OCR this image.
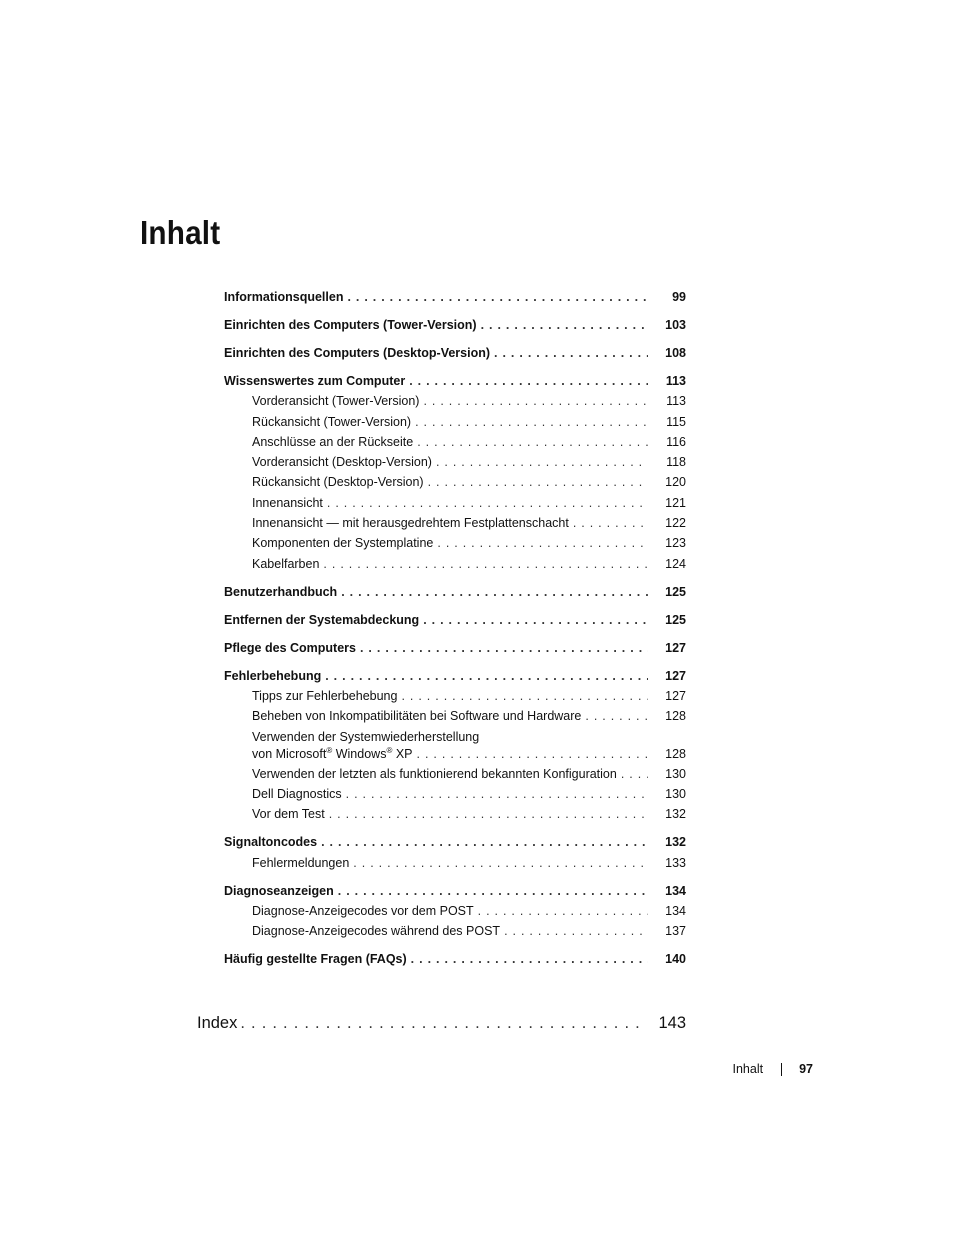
Inhalt
Informationsquellen . . .	99
Einrichten des Computers (Tower-Version) . . .	103
Einrichten des Computers (Desktop-Version) . . .	108
Wissenswertes zum Computer . . .	113
Vorderansicht (Tower-Version) . . .	113
Rückansicht (Tower-Version) . . .	115
Anschlüsse an der Rückseite . . .	116
Vorderansicht (Desktop-Version) . . .	118
Rückansicht (Desktop-Version) . . .	120
Innenansicht . . .	121
Innenansicht — mit herausgedrehtem Festplattenschacht . . .	122
Komponenten der Systemplatine . . .	123
Kabelfarben . . .	124
Benutzerhandbuch . . .	125
Entfernen der Systemabdeckung . . .	125
Pflege des Computers . . .	127
Fehlerbehebung . . .	127
Tipps zur Fehlerbehebung . . .	127
Beheben von Inkompatibilitäten bei Software und Hardware . . .	128
Verwenden der Systemwiederherstellung
von Microsoft® Windows® XP . . .	128
Verwenden der letzten als funktionierend bekannten Konfiguration . . .	130
Dell Diagnostics . . .	130
Vor dem Test . . .	132
Signaltoncodes . . .	132
Fehlermeldungen . . .	133
Diagnoseanzeigen . . .	134
Diagnose-Anzeigecodes vor dem POST . . .	134
Diagnose-Anzeigecodes während des POST . . .	137
Häufig gestellte Fragen (FAQs) . . .	140
Index . . .	143
Inhalt	97
